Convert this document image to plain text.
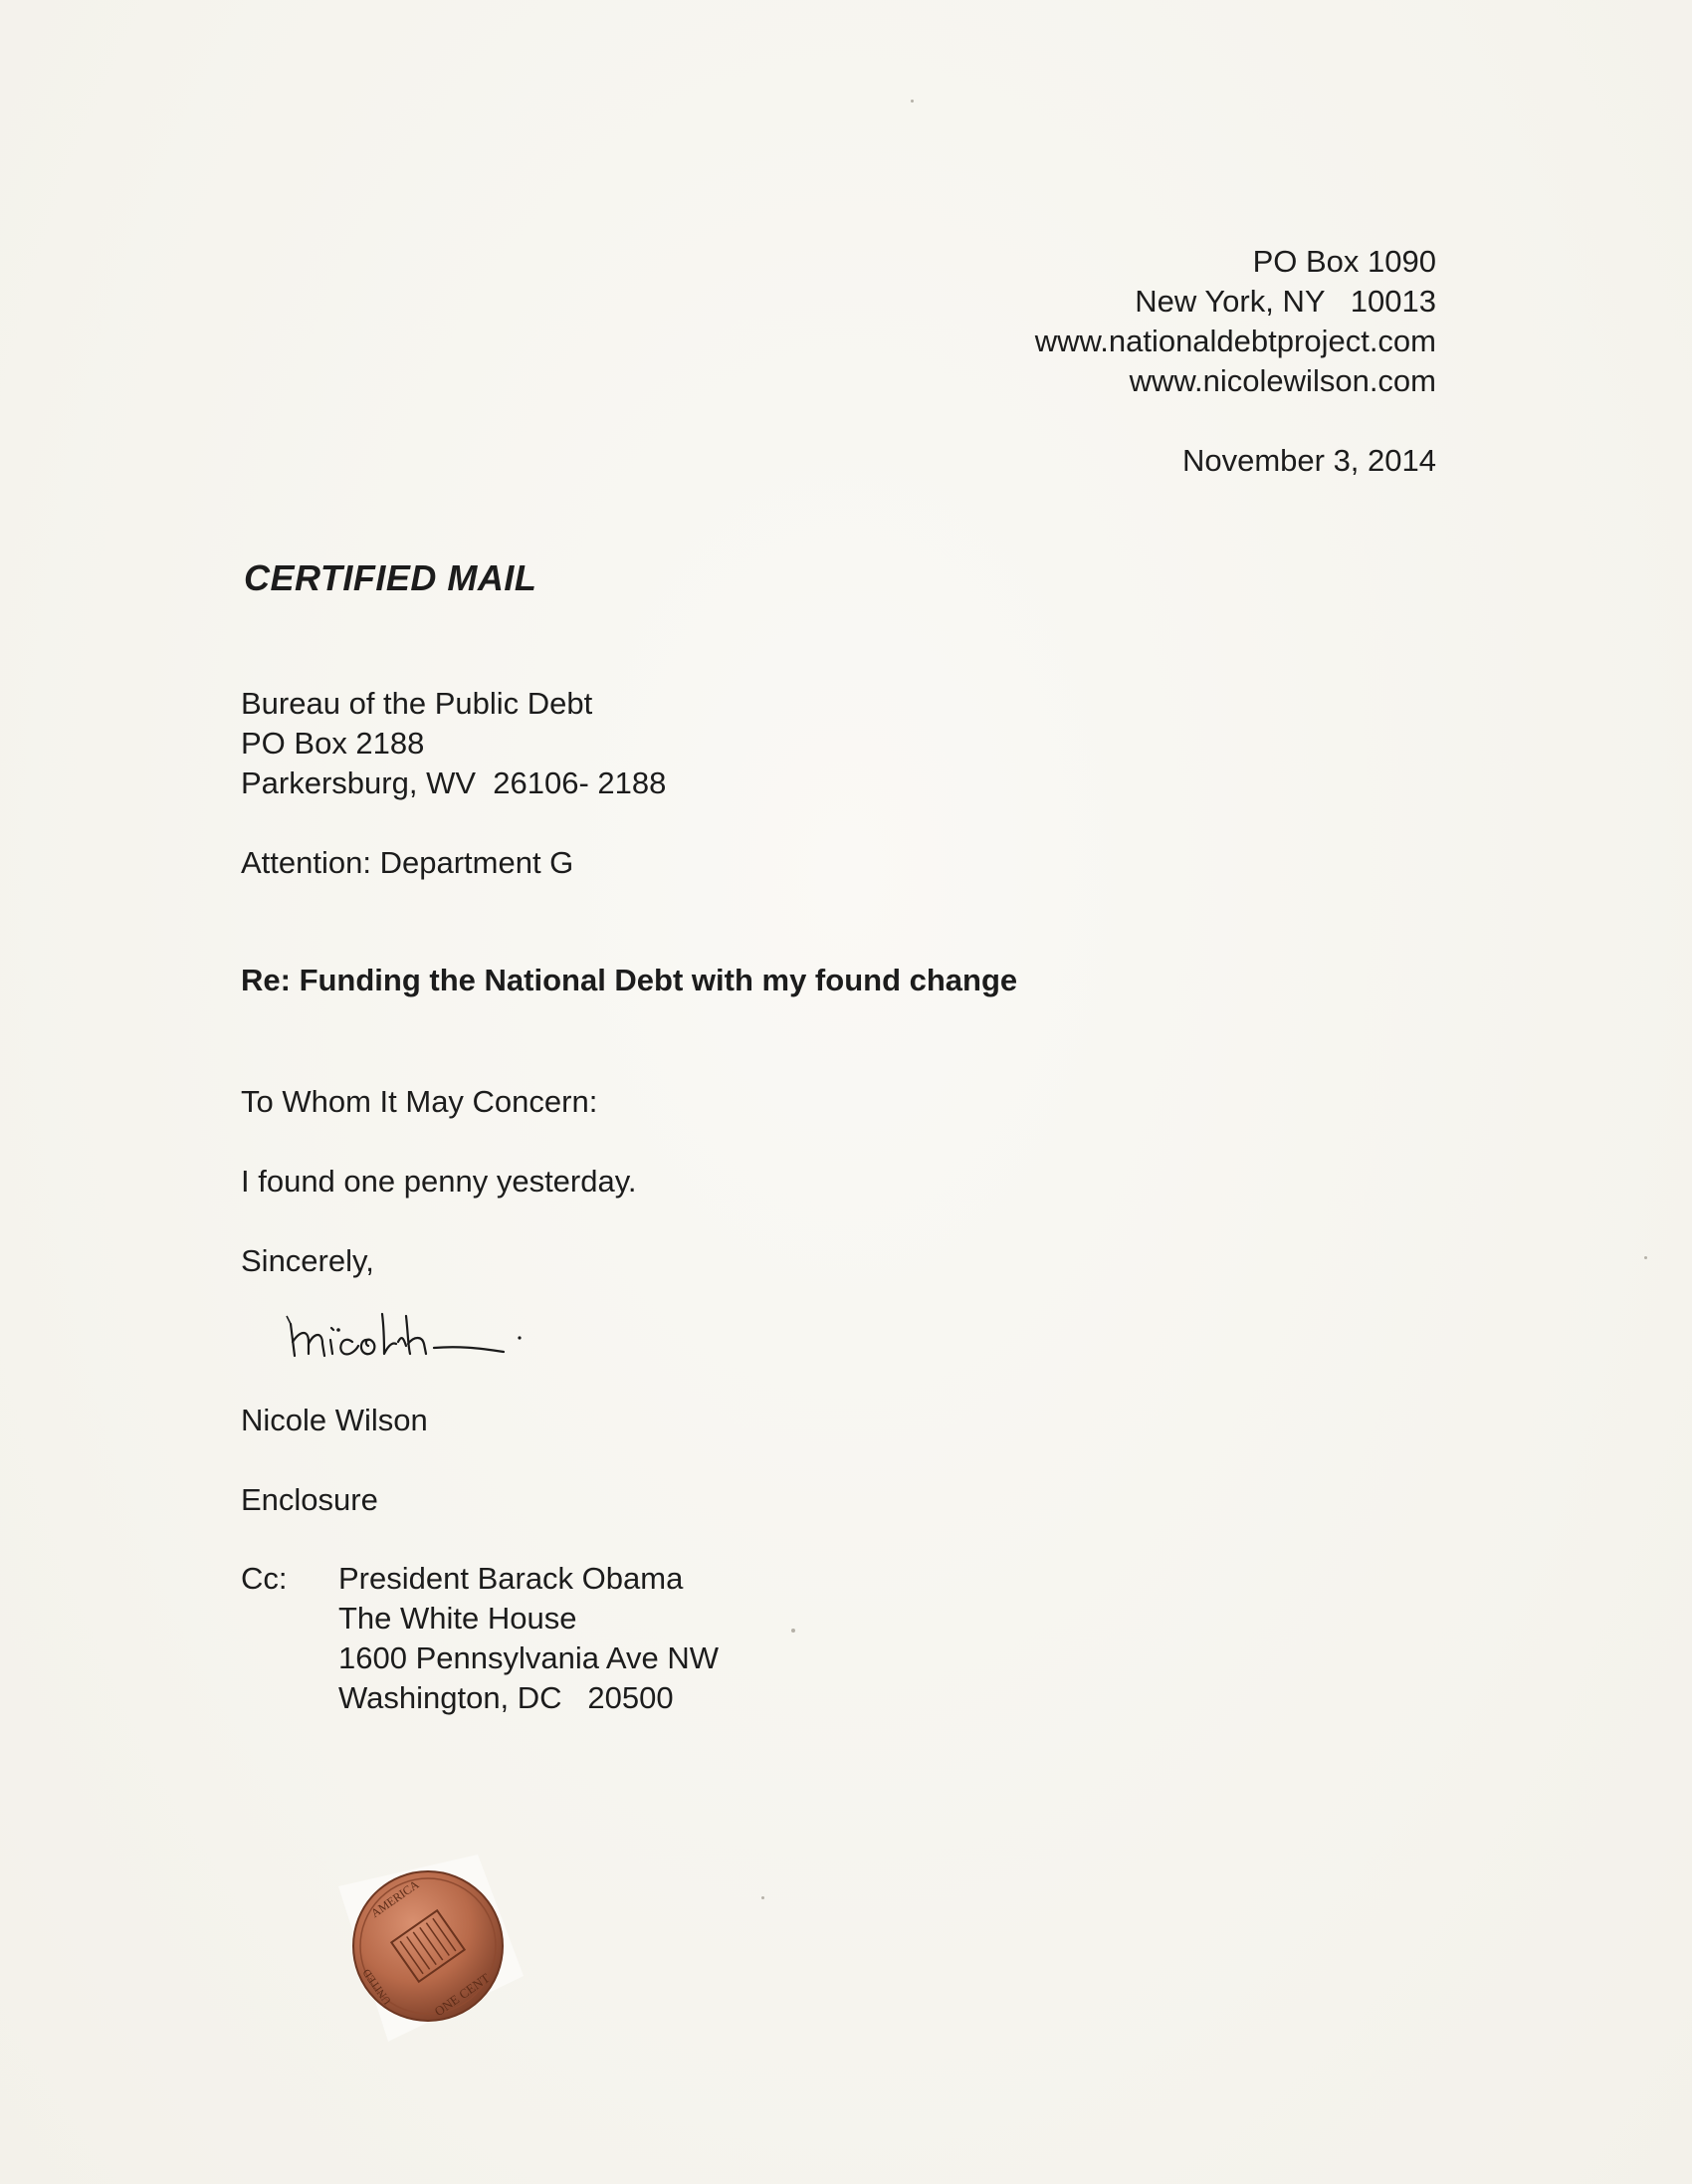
PO Box 1090
New York, NY   10013
www.nationaldebtproject.com
www.nicolewilson.com
November 3, 2014
CERTIFIED MAIL
Bureau of the Public Debt
PO Box 2188
Parkersburg, WV  26106- 2188
Attention: Department G
Re: Funding the National Debt with my found change
To Whom It May Concern:
I found one penny yesterday.
Sincerely,
Nicole Wilson
Enclosure
Cc: President Barack Obama
The White House
1600 Pennsylvania Ave NW
Washington, DC   20500
AMERICA
ONE CENT
UNITED
